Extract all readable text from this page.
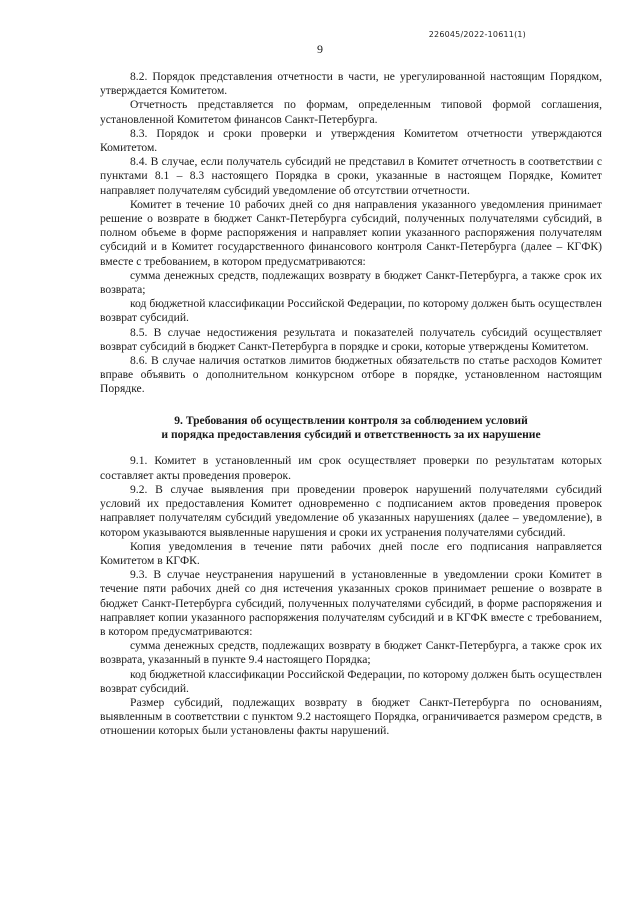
226045/2022-10611(1)
9

8.2. Порядок представления отчетности в части, не урегулированной настоящим Порядком, утверждается Комитетом.

Отчетность представляется по формам, определенным типовой формой соглашения, установленной Комитетом финансов Санкт-Петербурга.

8.3. Порядок и сроки проверки и утверждения Комитетом отчетности утверждаются Комитетом.

8.4. В случае, если получатель субсидий не представил в Комитет отчетность в соответствии с пунктами 8.1 – 8.3 настоящего Порядка в сроки, указанные в настоящем Порядке, Комитет направляет получателям субсидий уведомление об отсутствии отчетности.

Комитет в течение 10 рабочих дней со дня направления указанного уведомления принимает решение о возврате в бюджет Санкт-Петербурга субсидий, полученных получателями субсидий, в полном объеме в форме распоряжения и направляет копии указанного распоряжения получателям субсидий и в Комитет государственного финансового контроля Санкт-Петербурга (далее – КГФК) вместе с требованием, в котором предусматриваются:

сумма денежных средств, подлежащих возврату в бюджет Санкт-Петербурга, а также срок их возврата;

код бюджетной классификации Российской Федерации, по которому должен быть осуществлен возврат субсидий.

8.5. В случае недостижения результата и показателей получатель субсидий осуществляет возврат субсидий в бюджет Санкт-Петербурга в порядке и сроки, которые утверждены Комитетом.

8.6. В случае наличия остатков лимитов бюджетных обязательств по статье расходов Комитет вправе объявить о дополнительном конкурсном отборе в порядке, установленном настоящим Порядке.

9. Требования об осуществлении контроля за соблюдением условий
и порядка предоставления субсидий и ответственность за их нарушение

9.1. Комитет в установленный им срок осуществляет проверки по результатам которых составляет акты проведения проверок.

9.2. В случае выявления при проведении проверок нарушений получателями субсидий условий их предоставления Комитет одновременно с подписанием актов проведения проверок направляет получателям субсидий уведомление об указанных нарушениях (далее – уведомление), в котором указываются выявленные нарушения и сроки их устранения получателями субсидий.

Копия уведомления в течение пяти рабочих дней после его подписания направляется Комитетом в КГФК.

9.3. В случае неустранения нарушений в установленные в уведомлении сроки Комитет в течение пяти рабочих дней со дня истечения указанных сроков принимает решение о возврате в бюджет Санкт-Петербурга субсидий, полученных получателями субсидий, в форме распоряжения и направляет копии указанного распоряжения получателям субсидий и в КГФК вместе с требованием, в котором предусматриваются:

сумма денежных средств, подлежащих возврату в бюджет Санкт-Петербурга, а также срок их возврата, указанный в пункте 9.4 настоящего Порядка;

код бюджетной классификации Российской Федерации, по которому должен быть осуществлен возврат субсидий.

Размер субсидий, подлежащих возврату в бюджет Санкт-Петербурга по основаниям, выявленным в соответствии с пунктом 9.2 настоящего Порядка, ограничивается размером средств, в отношении которых были установлены факты нарушений.
